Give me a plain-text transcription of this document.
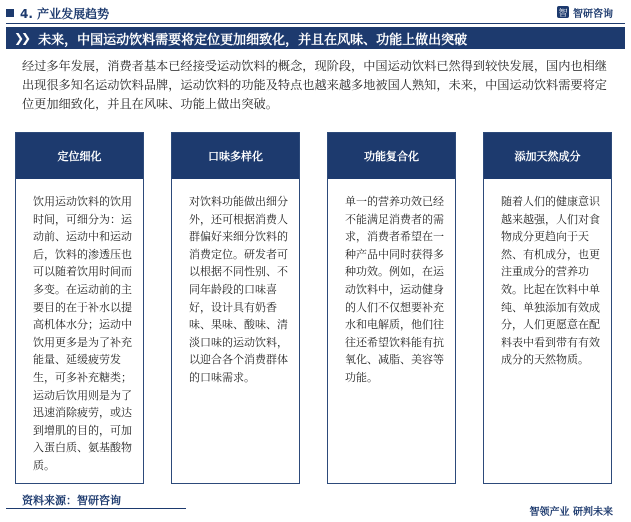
4. 产业发展趋势	智 智研咨询
❯❯ 未来，中国运动饮料需要将定位更加细致化，并且在风味、功能上做出突破
经过多年发展，消费者基本已经接受运动饮料的概念，现阶段，中国运动饮料已然得到较快发展，国内也相继出现很多知名运动饮料品牌，运动饮料的功能及特点也越来越多地被国人熟知，未来，中国运动饮料需要将定位更加细致化，并且在风味、功能上做出突破。
定位细化
饮用运动饮料的饮用时间，可细分为：运动前、运动中和运动后，饮料的渗透压也可以随着饮用时间而多变。在运动前的主要目的在于补水以提高机体水分；运动中饮用更多是为了补充能量、延缓疲劳发生，可多补充糖类；运动后饮用则是为了迅速消除疲劳，或达到增肌的目的，可加入蛋白质、氨基酸物质。
口味多样化
对饮料功能做出细分外，还可根据消费人群偏好来细分饮料的消费定位。研发者可以根据不同性别、不同年龄段的口味喜好，设计具有奶香味、果味、酸味、清淡口味的运动饮料，以迎合各个消费群体的口味需求。
功能复合化
单一的营养功效已经不能满足消费者的需求，消费者希望在一种产品中同时获得多种功效。例如，在运动饮料中，运动健身的人们不仅想要补充水和电解质，他们往往还希望饮料能有抗氧化、减脂、美容等功能。
添加天然成分
随着人们的健康意识越来越强，人们对食物成分更趋向于天然、有机成分，也更注重成分的营养功效。比起在饮料中单纯、单独添加有效成分，人们更愿意在配料表中看到带有有效成分的天然物质。
资料来源：智研咨询
智领产业 研判未来
